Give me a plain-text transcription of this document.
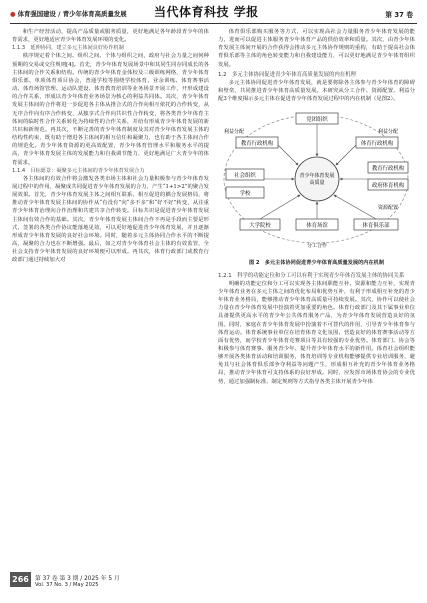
● 体育强国建设 / 青少年体育高质量发展 当代体育科技 学报	第 37 卷

和生产经营活动，提高产品质量或服务质量，更好地满足各年龄段青少年的体育需求，更好地适应青少年体育发展环境的变化。

1.1.3　延伸协同，建立多元主体间良好协作机制

秩序规定着个体之间、组织之间、个体与组织之间，政府与社会力量之间何种预期的交易或交往规则[4]。首先，青少年体育发展场景中和其同生同存同成长的各主体间的合作关系和结构。传统的青少年体育金体校及三级训练网络，青少年体育俱乐部、单项体育项目协会，普通学校等围绕学校体育、业余训练、体育赛事活动、体育场馆管理、运动队建设、体育教育培训等业务场景开展工作，开形成建设的合作关系，形成以青少年体育业务场景为核心的利益共同体。其次，青少年体育发展主体间的合作将进一步促进各主体从推合式的合作向相互依托的合作转变，从无序合作向有序合作转变，从独享式合作向共识性合作转变，将各类青少年体育主体间的临时性合作关系转化为持续性的合作关系，并给有形成青少年体育发展的新共识和新规范。再其次，不断完善的青少年体育制度及其对青少年体育发展主体的结构性约束，既有助于增进各主体间的相互信任和凝聚力，也有助于各主体间合作的规范化。青少年体育资源的更高效配置，青少年体育管理水平和服务水平的提高，青少年体育发展主体的发展能力和自我调节能力，更好地满足广大青少年的体育需求。

1.1.4　目标愿景：凝聚多元主体间的青少年体育发展合力

各主体间的有效合作将会激发各类市场主体和社会力量积极参与青少年体育发展过程中的作用，凝聚成共同促进青少年体育发展的合力，产生“1+1>2”的聚合发展效果。首先，青少年体育发展主体之间相互联系、相互促进的耦合发展格局，将推动青少年体育发展主体间的协作从“有没有”向“多不多”和“好不好”转变，从注重青少年体育治理向合作治理和共建共享合作转变。目标共识是促进青少年体育发展主体间有效合作的基础。其次，青少年体育发展主体间合作不再是手段而主要是形式，签署的各类合作协议能落地见效，可以更好地促进青少年体育发展，并且逐渐形成青少年体育发展的良好社会环境。同时，随着多元主体协同合作水平的不断提高，凝聚的合力也在不断增强。最后，如之对青少年体育社会主体的有效监管，全社会支持青少年体育发展的良好环境便可以形成。再其次，体育行政部门或教育行政部门通过持续加大对

体育俱乐部购买服务等方式，可以实现高社会力量服务青少年体育发展的能力，进而可以促进主体服务青少年体育产品的供给效率和质量。其次，由青少年体育发展主体间开展的合作获得会推动多元主体协作规则的重构，有助于提高社会体育俱乐部等主体的角色转变能力和自我建设能力，可以更好地满足青少年体育组织发展。

1.2　多元主体协同促进青少年体育高质量发展的内在机理

多元主体协同促进青少年体育发展，就是要将除各主体参与青少年体育的障碍和壁垒，共同推进青少年体育高质量发展。本研究从分工合作、资源配置、利益分配3个维度揭示多元主体在促进青少年体育发展过程中的内在机制（见图2）。

党团组织
教育行政机构	体育行政机构
青少年体育发展
高质量
社会组织
学校
教育行政机构
政府体育机构
大学院校	体育场馆	体育俱乐部
利益分配	利益分配
资源配置
分工合作
图 2　多元主体协同促进青少年体育高质量发展的内在机制

1.2.1　科学的功能定位和分工可以有利于实现青少年体育发展主体的协同关系

明确的功能定位和分工可以实现各主体间职能互补、资源和能力互补，实现青少年体育业务在多元主体之间的优化布局和优势互补，有利于形成相互补充的青少年体育业务格局，能够推动青少年体育高质量可持续发展。其次，协作可以使社会力量在青少年体育发展中扮演着更加重要的角色。体育行政部门及其下属事业单位具备提供更高水平的青少年公共体育服务产品，为青少年体育发展营造良好的氛围。同时，家庭在青少年体育发展中扮演着不可替代的作用，引导青少年体育参与体育运动。体育系统事业单位在培育体育文化氛围、营造良好的体育赛事活动等方面有优势，而学校青少年体育竞赛项目等具有较强的专业优势。体育部门、协会等积极参与体育赛事、服务青少年、提升青少年体育水平的新作用。体育社会组织能够开展各类体育活动和培训服务，体育培训等专业机构能够提供专业培训服务，避免其与社会体育俱乐部争夺利益等问题产生，形成相互补充的青少年体育业务格局，推动青少年体育可支持体系的良好形成。同时，应发挥市场体育协会的专业优势，通过加强制标准、制定规则等方式指导各类主体开展青少年体

266	第 37 卷 第 3 期 / 2025 年 5 月
Vol. 37 No. 3 / May 2025
